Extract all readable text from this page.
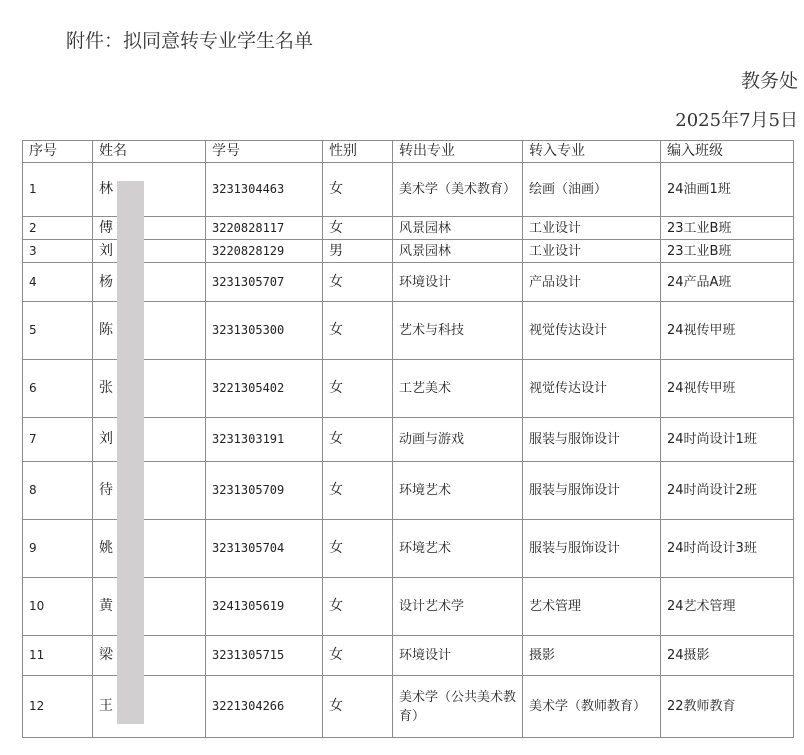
附件：拟同意转专业学生名单
教务处
2025年7月5日
序号	姓名	学号	性别	转出专业	转入专业	编入班级
1	林	3231304463	女	美术学（美术教育）	绘画（油画）	24油画1班
2	傅	3220828117	女	风景园林	工业设计	23工业B班
3	刘	3220828129	男	风景园林	工业设计	23工业B班
4	杨	3231305707	女	环境设计	产品设计	24产品A班
5	陈	3231305300	女	艺术与科技	视觉传达设计	24视传甲班
6	张	3221305402	女	工艺美术	视觉传达设计	24视传甲班
7	刘	3231303191	女	动画与游戏	服装与服饰设计	24时尚设计1班
8	待	3231305709	女	环境艺术	服装与服饰设计	24时尚设计2班
9	姚	3231305704	女	环境艺术	服装与服饰设计	24时尚设计3班
10	黄	3241305619	女	设计艺术学	艺术管理	24艺术管理
11	梁	3231305715	女	环境设计	摄影	24摄影
12	王	3221304266	女	美术学（公共美术教育）	美术学（教师教育）	22教师教育
